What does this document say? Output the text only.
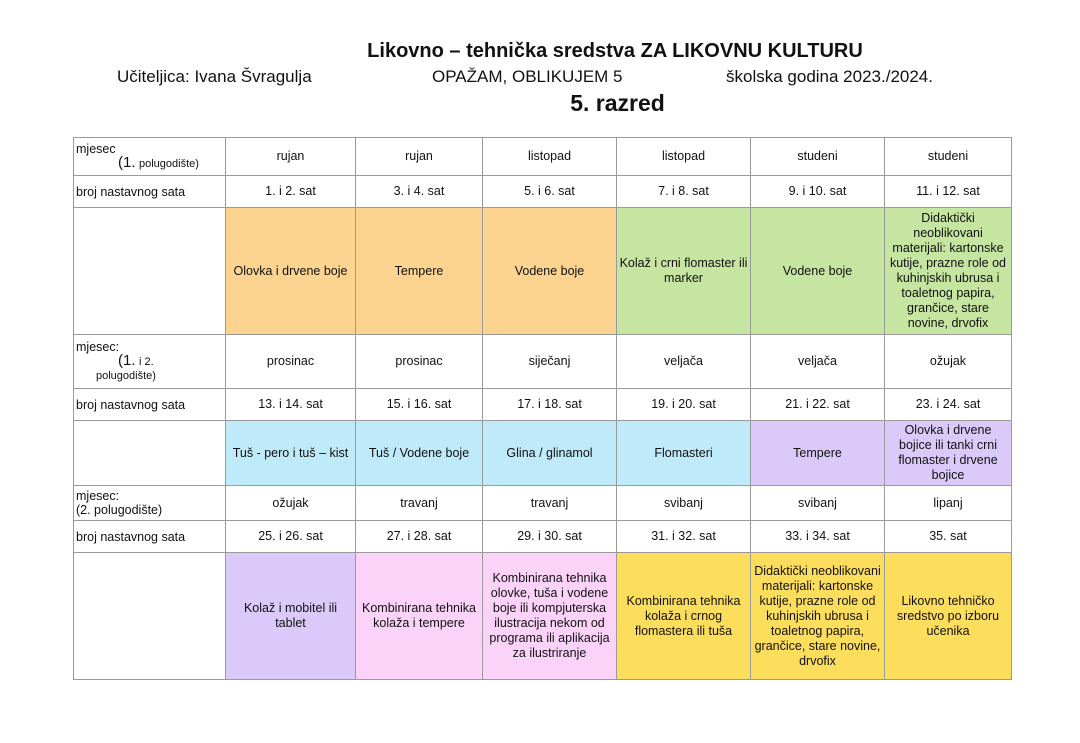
Likovno – tehnička sredstva ZA LIKOVNU KULTURU
Učiteljica: Ivana Švragulja	OPAŽAM, OBLIKUJEM 5	školska godina 2023./2024.
5. razred
mjesec
(1. polugodište)	rujan	rujan	listopad	listopad	studeni	studeni
broj nastavnog sata	1. i 2. sat	3. i 4. sat	5. i 6. sat	7. i 8. sat	9. i 10. sat	11. i 12. sat
	Olovka i drvene boje	Tempere	Vodene boje	Kolaž i crni flomaster ili marker	Vodene boje	Didaktički neoblikovani materijali: kartonske kutije, prazne role od kuhinjskih ubrusa i toaletnog papira, grančice, stare novine, drvofix

mjesec:
(1. i 2.
polugodište)	prosinac	prosinac	siječanj	veljača	veljača	ožujak
broj nastavnog sata	13. i 14. sat	15. i 16. sat	17. i 18. sat	19. i 20. sat	21. i 22. sat	23. i 24. sat
	Tuš - pero i tuš – kist	Tuš / Vodene boje	Glina / glinamol	Flomasteri	Tempere	Olovka i drvene bojice ili tanki crni flomaster i drvene bojice

mjesec:
(2. polugodište)	ožujak	travanj	travanj	svibanj	svibanj	lipanj
broj nastavnog sata	25. i 26. sat	27. i 28. sat	29. i 30. sat	31. i 32. sat	33. i 34. sat	35. sat
	Kolaž i mobitel ili tablet	Kombinirana tehnika kolaža i tempere	Kombinirana tehnika olovke, tuša i vodene boje ili kompjuterska ilustracija nekom od programa ili aplikacija za ilustriranje	Kombinirana tehnika kolaža i crnog flomastera ili tuša	Didaktički neoblikovani materijali: kartonske kutije, prazne role od kuhinjskih ubrusa i toaletnog papira, grančice, stare novine, drvofix	Likovno tehničko sredstvo po izboru učenika
